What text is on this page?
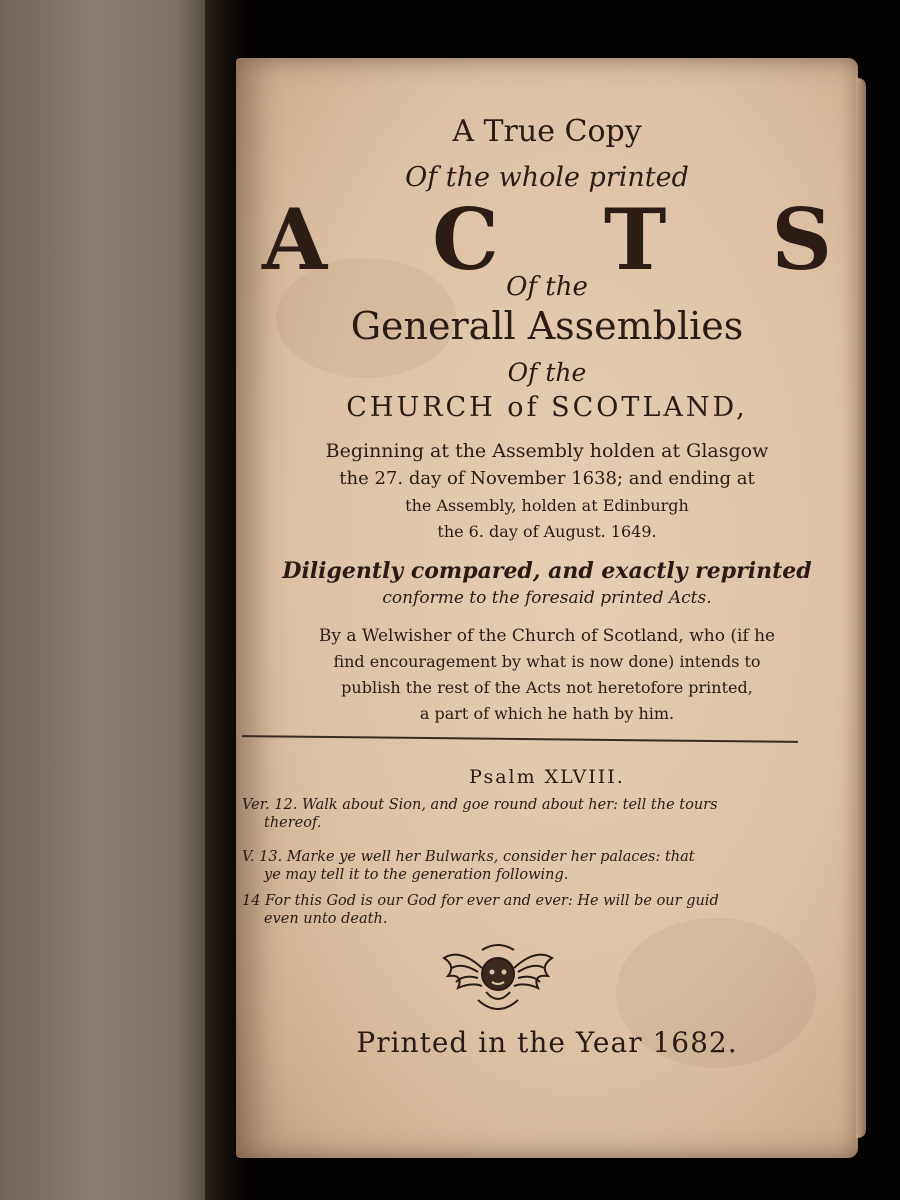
A True Copy

Of the whole printed

A C T S

Of the

Generall Assemblies

Of the

CHURCH of SCOTLAND,

Beginning at the Assembly holden at Glasgow

the 27. day of November 1638; and ending at

the Assembly, holden at Edinburgh

the 6. day of August. 1649.

Diligently compared, and exactly reprinted

conforme to the foresaid printed Acts.

By a Welwisher of the Church of Scotland, who (if he

find encouragement by what is now done) intends to

publish the rest of the Acts not heretofore printed,

a part of which he hath by him.

Psalm XLVIII.

Ver. 12. Walk about Sion, and goe round about her: tell the tours

thereof.

V. 13. Marke ye well her Bulwarks, consider her palaces: that

ye may tell it to the generation following.

14 For this God is our God for ever and ever: He will be our guid

even unto death.

Printed in the Year 1682.
